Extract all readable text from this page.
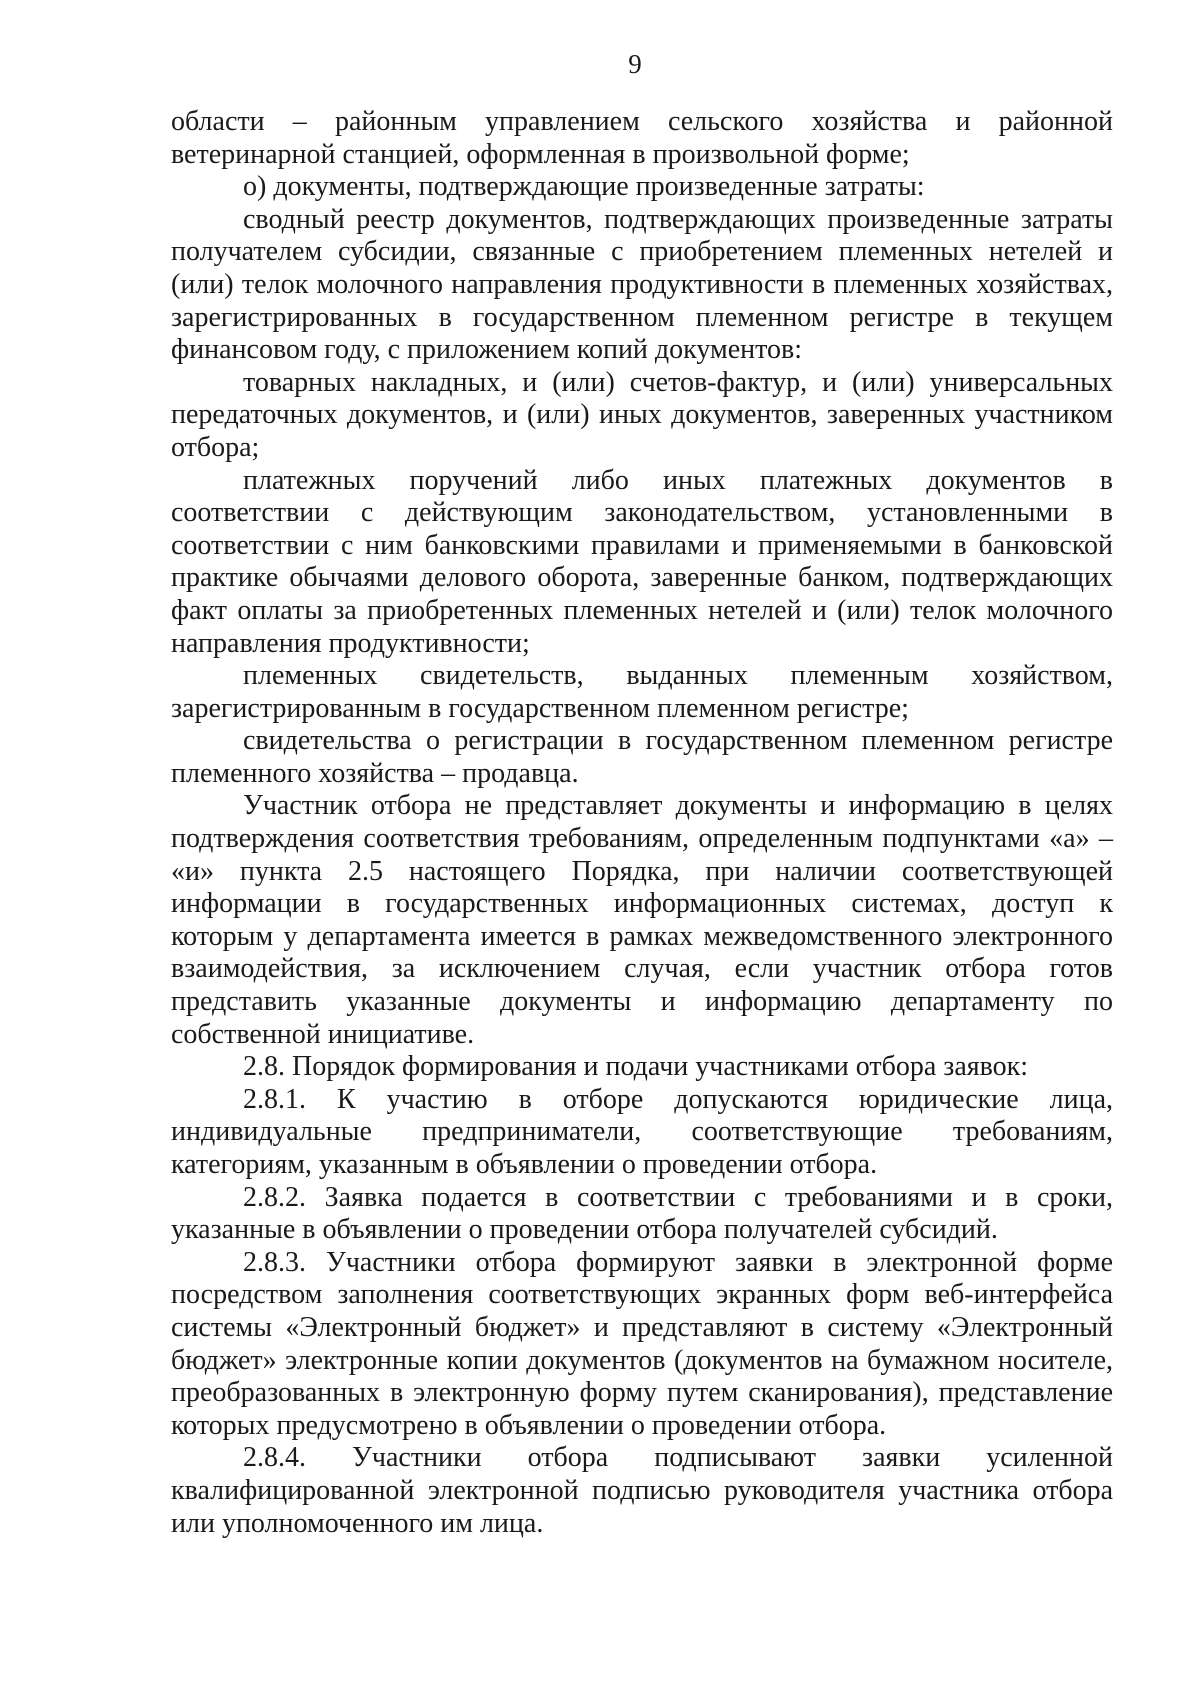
9

области – районным управлением сельского хозяйства и районной ветеринарной станцией, оформленная в произвольной форме;

о) документы, подтверждающие произведенные затраты:

сводный реестр документов, подтверждающих произведенные затраты получателем субсидии, связанные с приобретением племенных нетелей и (или) телок молочного направления продуктивности в племенных хозяйствах, зарегистрированных в государственном племенном регистре в текущем финансовом году, с приложением копий документов:

товарных накладных, и (или) счетов-фактур, и (или) универсальных передаточных документов, и (или) иных документов, заверенных участником отбора;

платежных поручений либо иных платежных документов в соответствии с действующим законодательством, установленными в соответствии с ним банковскими правилами и применяемыми в банковской практике обычаями делового оборота, заверенные банком, подтверждающих факт оплаты за приобретенных племенных нетелей и (или) телок молочного направления продуктивности;

племенных свидетельств, выданных племенным хозяйством, зарегистрированным в государственном племенном регистре;

свидетельства о регистрации в государственном племенном регистре племенного хозяйства – продавца.

Участник отбора не представляет документы и информацию в целях подтверждения соответствия требованиям, определенным подпунктами «а» – «и» пункта 2.5 настоящего Порядка, при наличии соответствующей информации в государственных информационных системах, доступ к которым у департамента имеется в рамках межведомственного электронного взаимодействия, за исключением случая, если участник отбора готов представить указанные документы и информацию департаменту по собственной инициативе.

2.8. Порядок формирования и подачи участниками отбора заявок:

2.8.1. К участию в отборе допускаются юридические лица, индивидуальные предприниматели, соответствующие требованиям, категориям, указанным в объявлении о проведении отбора.

2.8.2. Заявка подается в соответствии с требованиями и в сроки, указанные в объявлении о проведении отбора получателей субсидий.

2.8.3. Участники отбора формируют заявки в электронной форме посредством заполнения соответствующих экранных форм веб-интерфейса системы «Электронный бюджет» и представляют в систему «Электронный бюджет» электронные копии документов (документов на бумажном носителе, преобразованных в электронную форму путем сканирования), представление которых предусмотрено в объявлении о проведении отбора.

2.8.4. Участники отбора подписывают заявки усиленной квалифицированной электронной подписью руководителя участника отбора или уполномоченного им лица.
